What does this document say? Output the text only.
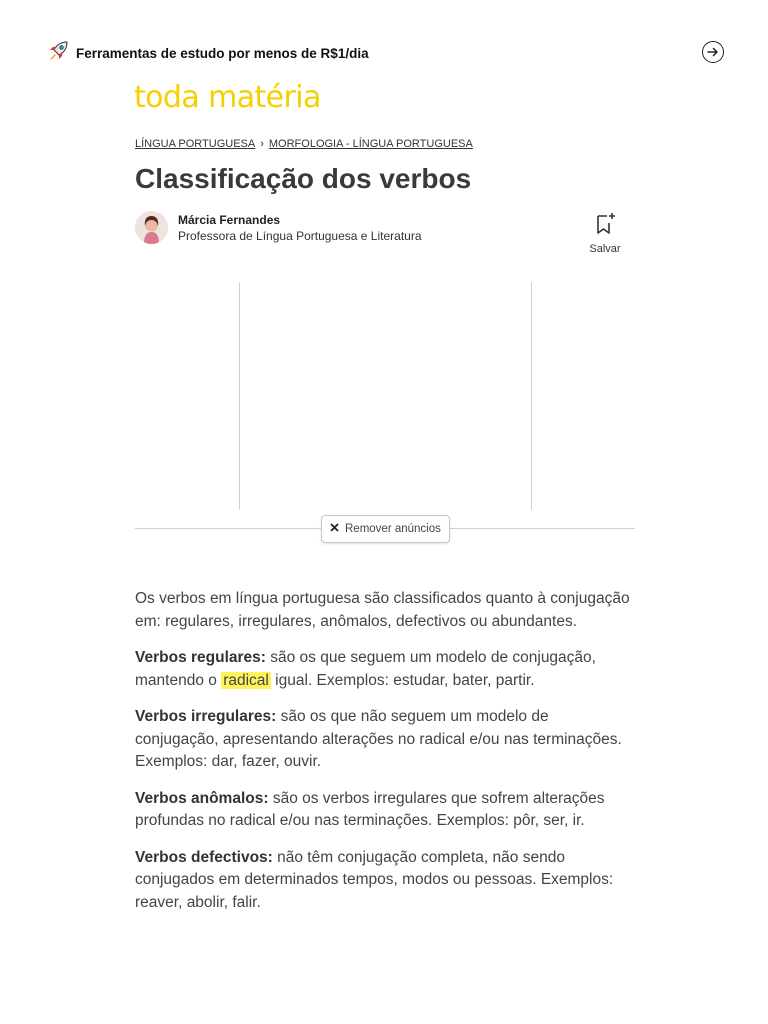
Ferramentas de estudo por menos de R$1/dia
toda matéria
LÍNGUA PORTUGUESA › MORFOLOGIA - LÍNGUA PORTUGUESA
Classificação dos verbos
Márcia Fernandes
Professora de Língua Portuguesa e Literatura
Salvar
Remover anúncios

Os verbos em língua portuguesa são classificados quanto à conjugação em: regulares, irregulares, anômalos, defectivos ou abundantes.

Verbos regulares: são os que seguem um modelo de conjugação, mantendo o radical igual. Exemplos: estudar, bater, partir.

Verbos irregulares: são os que não seguem um modelo de conjugação, apresentando alterações no radical e/ou nas terminações. Exemplos: dar, fazer, ouvir.

Verbos anômalos: são os verbos irregulares que sofrem alterações profundas no radical e/ou nas terminações. Exemplos: pôr, ser, ir.

Verbos defectivos: não têm conjugação completa, não sendo conjugados em determinados tempos, modos ou pessoas. Exemplos: reaver, abolir, falir.
